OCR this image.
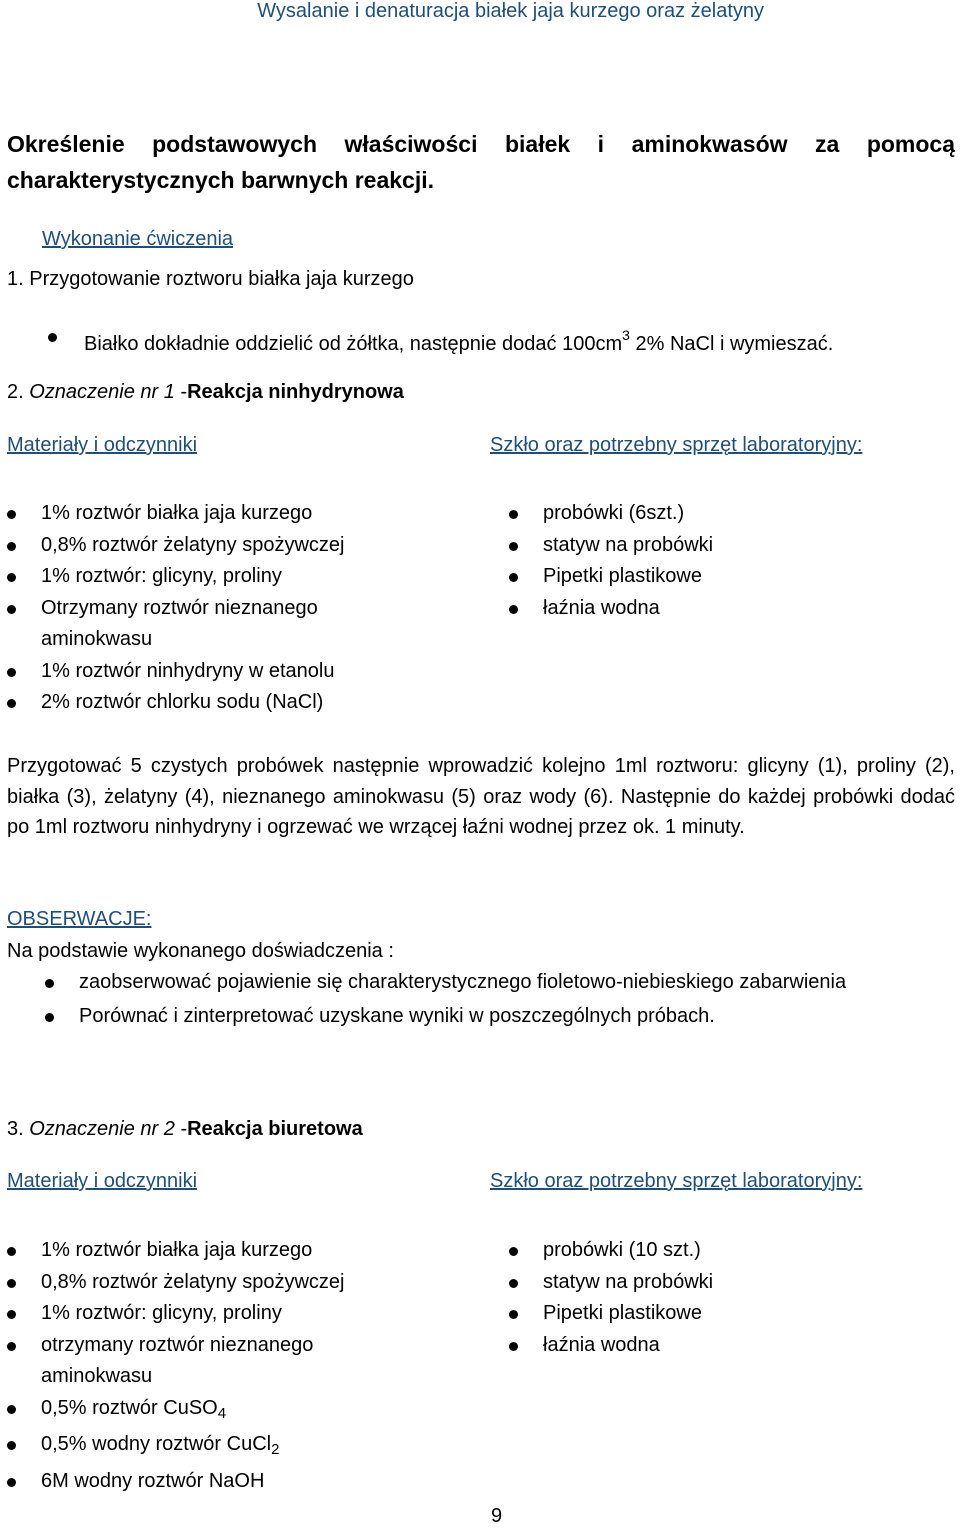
Wysalanie i denaturacja białek jaja kurzego oraz żelatyny
Określenie podstawowych właściwości białek i aminokwasów za pomocą charakterystycznych barwnych reakcji.
Wykonanie ćwiczenia
1. Przygotowanie roztworu białka jaja kurzego
Białko dokładnie oddzielić od żółtka, następnie dodać $100cm^3$ 2% NaCl i wymieszać.
2. Oznaczenie nr 1 -Reakcja ninhydrynowa
Materiały i odczynniki	Szkło oraz potrzebny sprzęt laboratoryjny:
1% roztwór białka jaja kurzego
0,8% roztwór żelatyny spożywczej
1% roztwór: glicyny, proliny
Otrzymany roztwór nieznanego aminokwasu
1% roztwór ninhydryny w etanolu
2% roztwór chlorku sodu (NaCl)
probówki (6szt.)
statyw na probówki
Pipetki plastikowe
łaźnia wodna
Przygotować 5 czystych probówek następnie wprowadzić kolejno 1ml roztworu: glicyny (1), proliny (2), białka (3), żelatyny (4), nieznanego aminokwasu (5) oraz wody (6). Następnie do każdej probówki dodać po 1ml roztworu ninhydryny i ogrzewać we wrzącej łaźni wodnej przez ok. 1 minuty.
OBSERWACJE:
Na podstawie wykonanego doświadczenia :
zaobserwować pojawienie się charakterystycznego fioletowo-niebieskiego zabarwienia
Porównać i zinterpretować uzyskane wyniki w poszczególnych próbach.
3. Oznaczenie nr 2 -Reakcja biuretowa
Materiały i odczynniki	Szkło oraz potrzebny sprzęt laboratoryjny:
1% roztwór białka jaja kurzego
0,8% roztwór żelatyny spożywczej
1% roztwór: glicyny, proliny
otrzymany roztwór nieznanego aminokwasu
0,5% roztwór CuSO$_4$
0,5% wodny roztwór CuCl$_2$
6M wodny roztwór NaOH
probówki (10 szt.)
statyw na probówki
Pipetki plastikowe
łaźnia wodna
9
